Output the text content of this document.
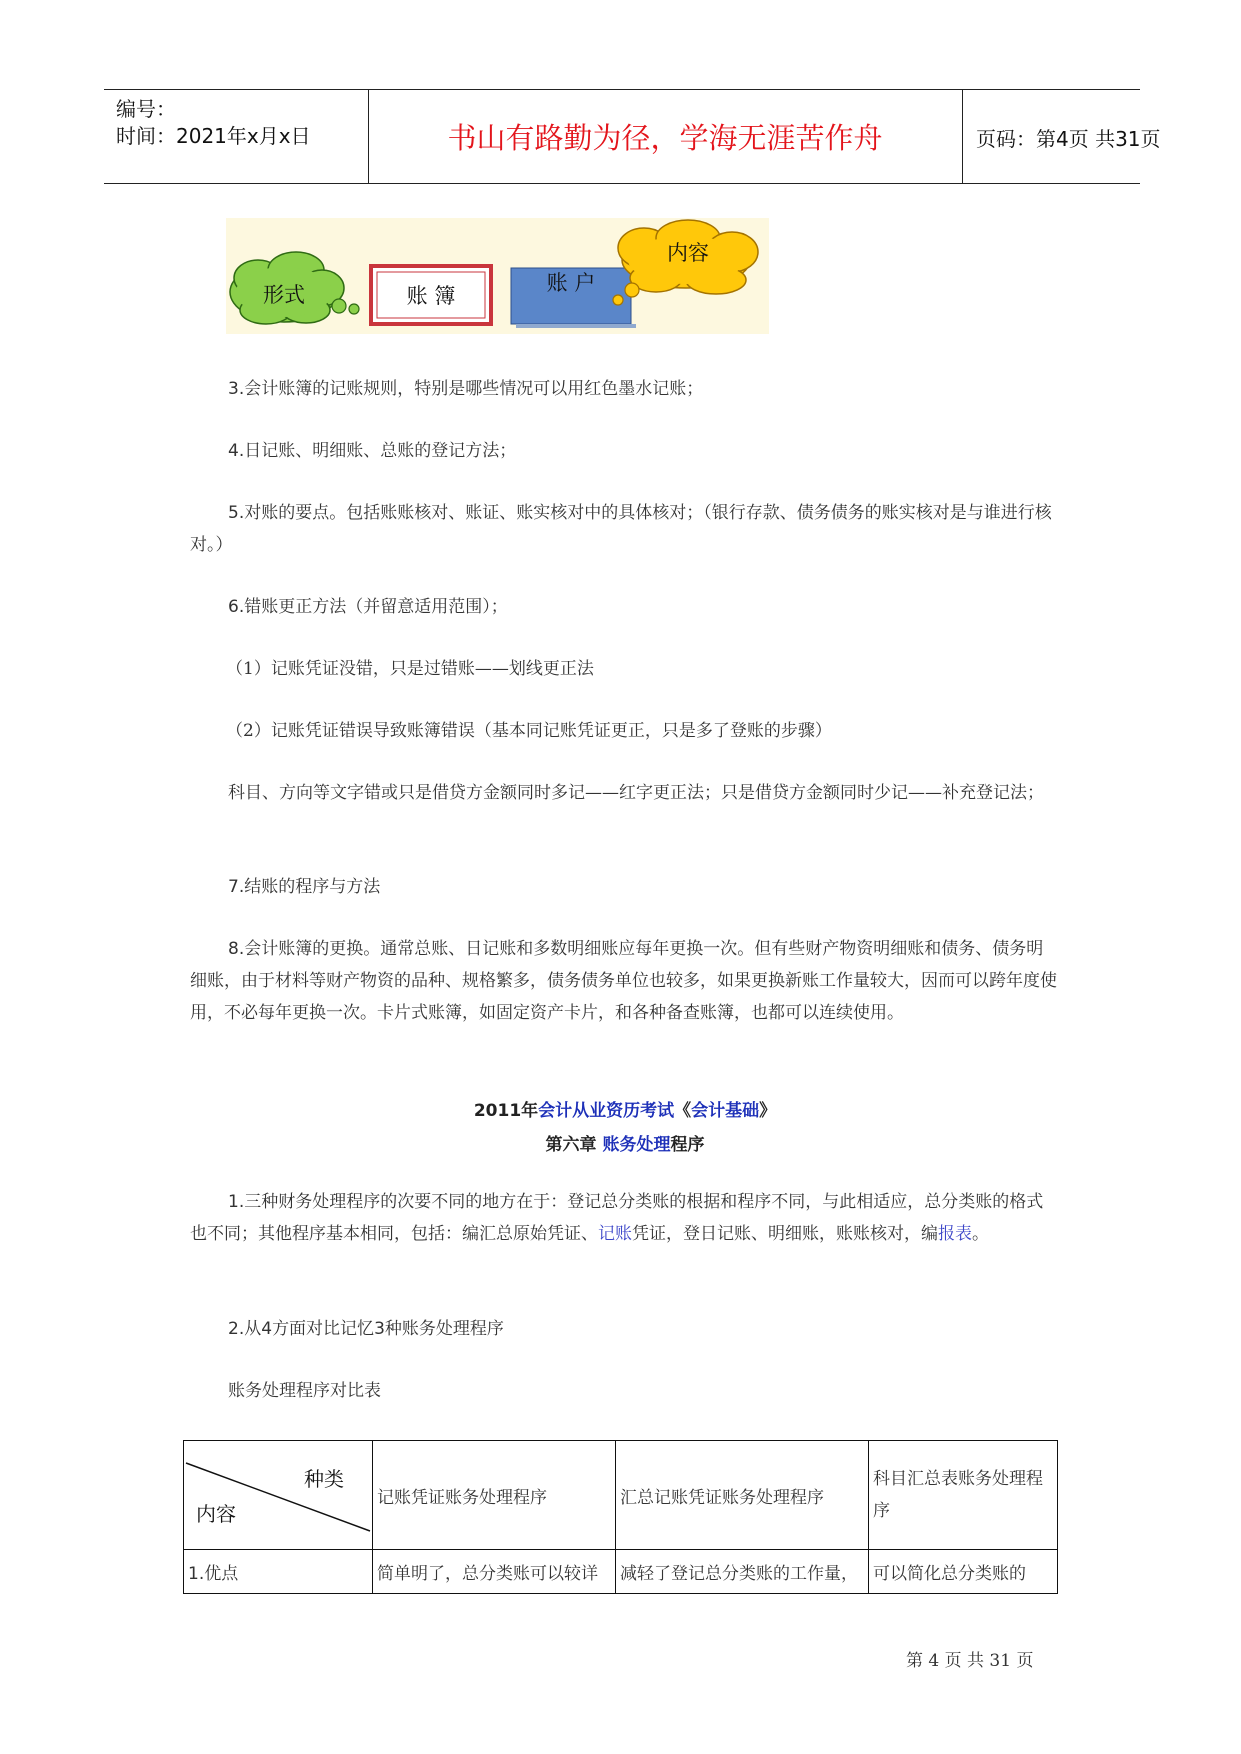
编号：
时间：2021年x月x日	书山有路勤为径，学海无涯苦作舟	页码：第4页 共31页
形式	账 簿
账 户
内容
3.会计账簿的记账规则，特别是哪些情况可以用红色墨水记账；
4.日记账、明细账、总账的登记方法；
5.对账的要点。包括账账核对、账证、账实核对中的具体核对；（银行存款、债务债务的账实核对是与谁进行核对。）
6.错账更正方法（并留意适用范围）；
（1）记账凭证没错，只是过错账——划线更正法
（2）记账凭证错误导致账簿错误（基本同记账凭证更正，只是多了登账的步骤）
科目、方向等文字错或只是借贷方金额同时多记——红字更正法；只是借贷方金额同时少记——补充登记法；
7.结账的程序与方法
8.会计账簿的更换。通常总账、日记账和多数明细账应每年更换一次。但有些财产物资明细账和债务、债务明细账，由于材料等财产物资的品种、规格繁多，债务债务单位也较多，如果更换新账工作量较大，因而可以跨年度使用，不必每年更换一次。卡片式账簿，如固定资产卡片，和各种备查账簿，也都可以连续使用。
2011年会计从业资历考试《会计基础》
第六章 账务处理程序
1.三种财务处理程序的次要不同的地方在于：登记总分类账的根据和程序不同，与此相适应，总分类账的格式也不同；其他程序基本相同，包括：编汇总原始凭证、记账凭证，登日记账、明细账，账账核对，编报表。
2.从4方面对比记忆3种账务处理程序
账务处理程序对比表
种类
内容	记账凭证账务处理程序	汇总记账凭证账务处理程序	科目汇总表账务处理程序
1.优点	简单明了，总分类账可以较详	减轻了登记总分类账的工作量，	可以简化总分类账的
第 4 页 共 31 页
